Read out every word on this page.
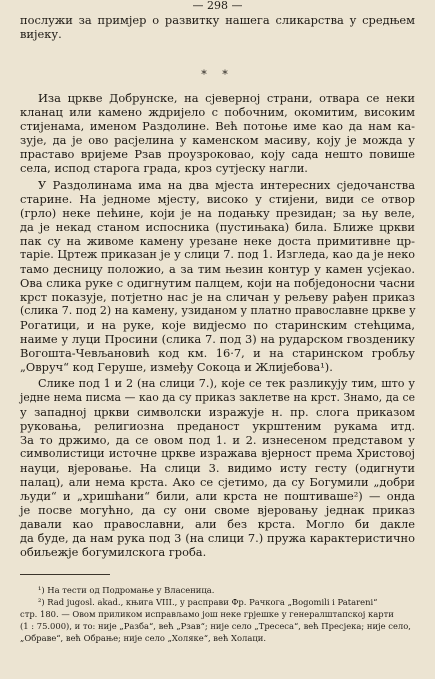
— 298 —
послужи за примјер о развитку нашега сликарства у средњем
вијеку.
* *
Иза цркве Добрунске, на сјеверној страни, отвара се неки
кланац или камено ждријело с побочним, окомитим, високим
стијенама, именом Раздолине. Већ потоње име као да нам ка-
зује, да је ово расјелина у каменском масиву, коју је можда у
праставо вријеме Рзав проузроковао, коју сада нешто повише
села, испод старога града, кроз сутјеску нагли.
У Раздолинама има на два мјеста интересних сједочанства
старине. На једноме мјесту, високо у стијени, види се отвор
(грло) неке пећине, који је на подањку президан; за њу веле,
да је некад станом испосника (пустињака) била. Ближе цркви
пак су на живоме камену урезане неке доста примитивне цр-
таріе. Цртеж приказан је у слици 7. под 1. Изгледа, као да је неко
тамо десницу положио, а за тим њезин контур у камен усјекао.
Ова слика руке с одигнутим палцем, који на побједоносни часни
крст показује, потјетно нас је на сличан у рељеву рађен приказ
(слика 7. под 2) на камену, узиданом у платно православне цркве у
Рогатици, и на руке, које видјесмо по старинским стећцима,
наиме у луци Просини (слика 7. под 3) на рударском гвозденику
Вогошта-Чевљановић код км. 16·7, и на старинском гробљу
„Овруч“ код Геруше, између Сокоца и Жлијебова¹).
Слике под 1 и 2 (на слици 7.), које се тек разликују тим, што у
једне нема писма — као да су приказ заклетве на крст. Знамо, да се
у западној цркви символски изражује н. пр. слога приказом
руковања, религиозна преданост укрштеним рукама итд.
За то држимо, да се овом под 1. и 2. изнесеном представом у
символистици источне цркве изражава вјерност према Христовој
науци, вјеровање. На слици 3. видимо исту гесту (одигнути
палац), али нема крста. Ако се сјетимо, да су Богумили „добри
људи“ и „хришћани“ били, али крста не поштиваше²) — онда
је посве могућно, да су они своме вјеровању једнак приказ
давали као православни, али без крста. Могло би дакле
да буде, да нам рука под 3 (на слици 7.) пружа карактеристично
обиљежје богумилскога гроба.
¹) На тести од Подромање у Власеница.
²) Rad jugosl. akad., књига VIII., у расправи Фр. Рачкога „Bogomili i Patareni“
стр. 180. — Овом приликом исправљамо још неке грјешке у генералштапској карти
(1 : 75.000), и то: није „Разба“, већ „Рзав“; није село „Тресеса“, већ Пресјека; није село,
„Обраве“, већ Обрање; није село „Холяке“, већ Холаци.
